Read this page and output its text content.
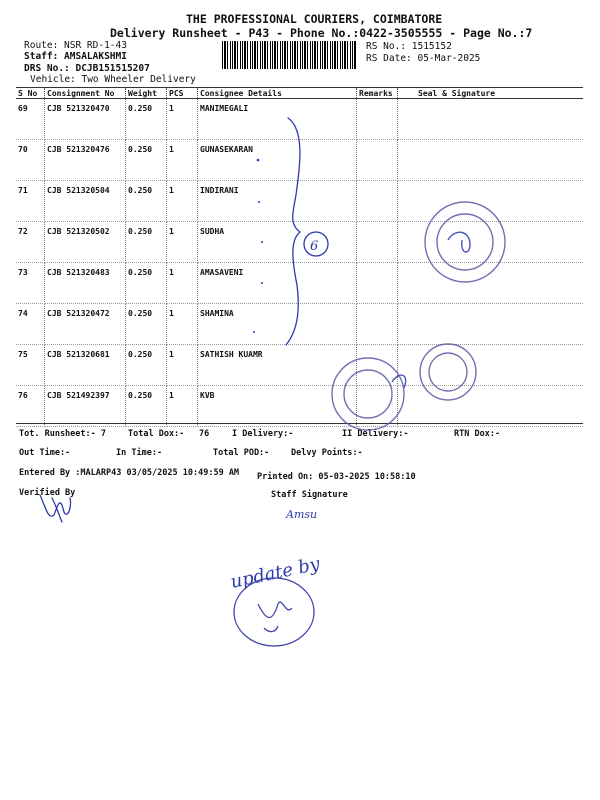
THE PROFESSIONAL COURIERS, COIMBATORE
Delivery Runsheet - P43 - Phone No.:0422-3505555 - Page No.:7
Route: NSR RD-1-43
Staff: AMSALAKSHMI
DRS No.: DCJB151515207
Vehicle: Two Wheeler Delivery
RS No.: 1515152
RS Date: 05-Mar-2025
S No	Consignment No	Weight	PCS	Consignee Details	Remarks	Seal & Signature
69	CJB 521320470	0.250	1	MANIMEGALI		
70	CJB 521320476	0.250	1	GUNASEKARAN		
71	CJB 521320504	0.250	1	INDIRANI		
72	CJB 521320502	0.250	1	SUDHA		
73	CJB 521320483	0.250	1	AMASAVENI		
74	CJB 521320472	0.250	1	SHAMINA		
75	CJB 521320681	0.250	1	SATHISH KUAMR		
76	CJB 521492397	0.250	1	KVB		
Tot. Runsheet:- 7	Total Dox:- 76	I Delivery:-	II Delivery:-	RTN Dox:-
Out Time:-	In Time:-	Total POD:-	Delvy Points:-
Entered By :MALARP43 03/05/2025 10:49:59 AM Printed On: 05-03-2025 10:58:10
Verified By	Staff Signature
6
Amsu
update by
